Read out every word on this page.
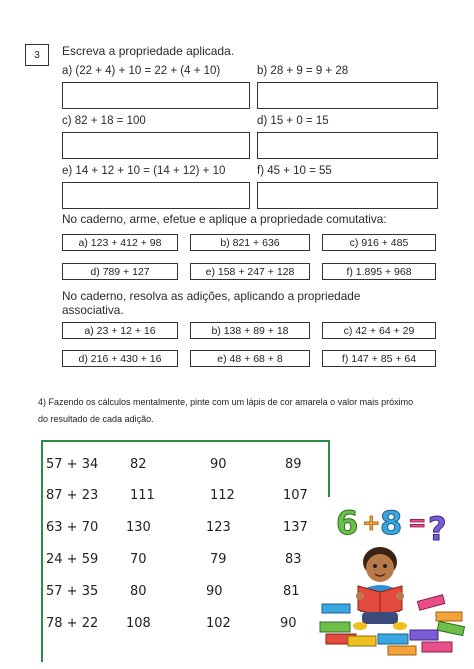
3	Escreva a propriedade aplicada.
a) (22 + 4) + 10 = 22 + (4 + 10)	b) 28 + 9 = 9 + 28
c) 82 + 18 = 100	d) 15 + 0 = 15
e) 14 + 12 + 10 = (14 + 12) + 10	f) 45 + 10 = 55
No caderno, arme, efetue e aplique a propriedade comutativa:
a) 123 + 412 + 98	b) 821 + 636	c) 916 + 485
d) 789 + 127	e) 158 + 247 + 128	f) 1.895 + 968
No caderno, resolva as adições, aplicando a propriedade
associativa.
a) 23 + 12 + 16	b) 138 + 89 + 18	c) 42 + 64 + 29
d) 216 + 430 + 16	e) 48 + 68 + 8	f) 147 + 85 + 64
4) Fazendo os cálculos mentalmente, pinte com um lápis de cor amarela o valor mais próximo
do resultado de cada adição.
57 + 34 82	90	89
87 + 23 111	112	107
63 + 70 130	123	137
24 + 59 70	79	83
57 + 35 80	90	81
78 + 22 108	102	90
6 + 8 = ?
